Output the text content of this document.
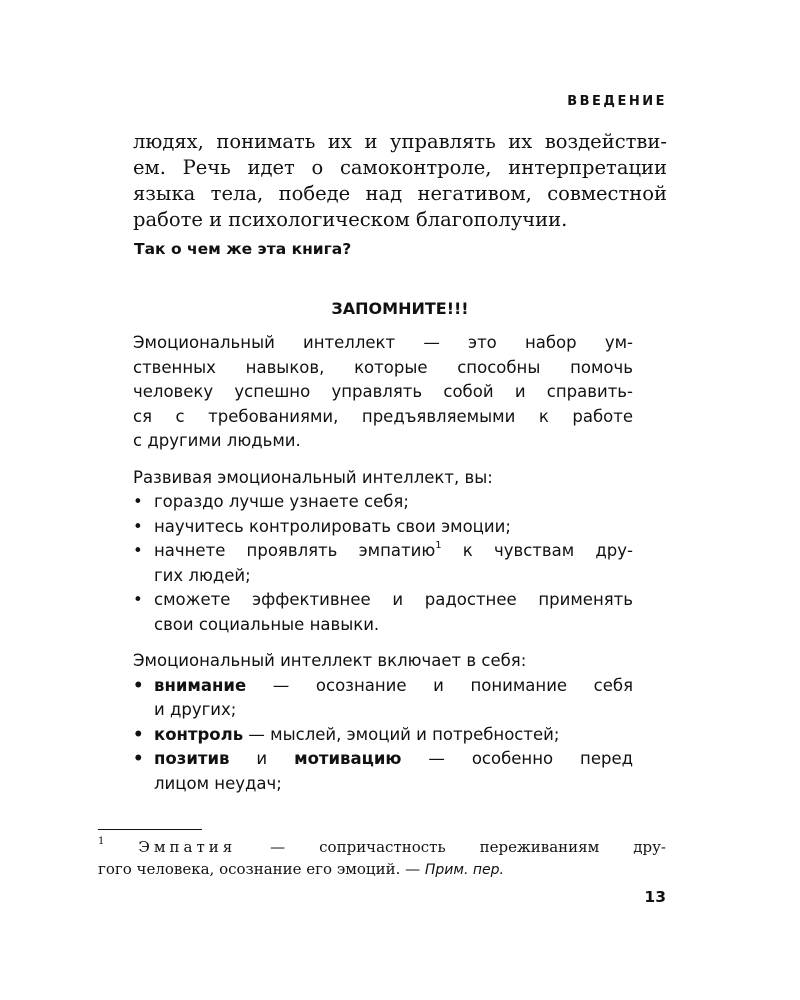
ВВЕДЕНИЕ

людях, понимать их и управлять их воздействи-

ем. Речь идет о самоконтроле, интерпретации

языка тела, победе над негативом, совместной

работе и психологическом благополучии.

Так о чем же эта книга?
ЗАПОМНИТЕ!!!

Эмоциональный интеллект — это набор ум-
ственных навыков, которые способны помочь
человеку успешно управлять собой и справить-
ся с требованиями, предъявляемыми к работе
с другими людьми.

Развивая эмоциональный интеллект, вы:

• гораздо лучше узнаете себя;
• научитесь контролировать свои эмоции;
• начнете проявлять эмпатию$^1$ к чувствам дру-
гих людей;
• сможете эффективнее и радостнее применять
свои социальные навыки.

Эмоциональный интеллект включает в себя:

• внимание — осознание и понимание себя
и других;
• контроль — мыслей, эмоций и потребностей;
• позитив и мотивацию — особенно перед
лицом неудач;
$^1$ Эмпатия — сопричастность переживаниям дру-
гого человека, осознание его эмоций. — Прим. пер.
13
